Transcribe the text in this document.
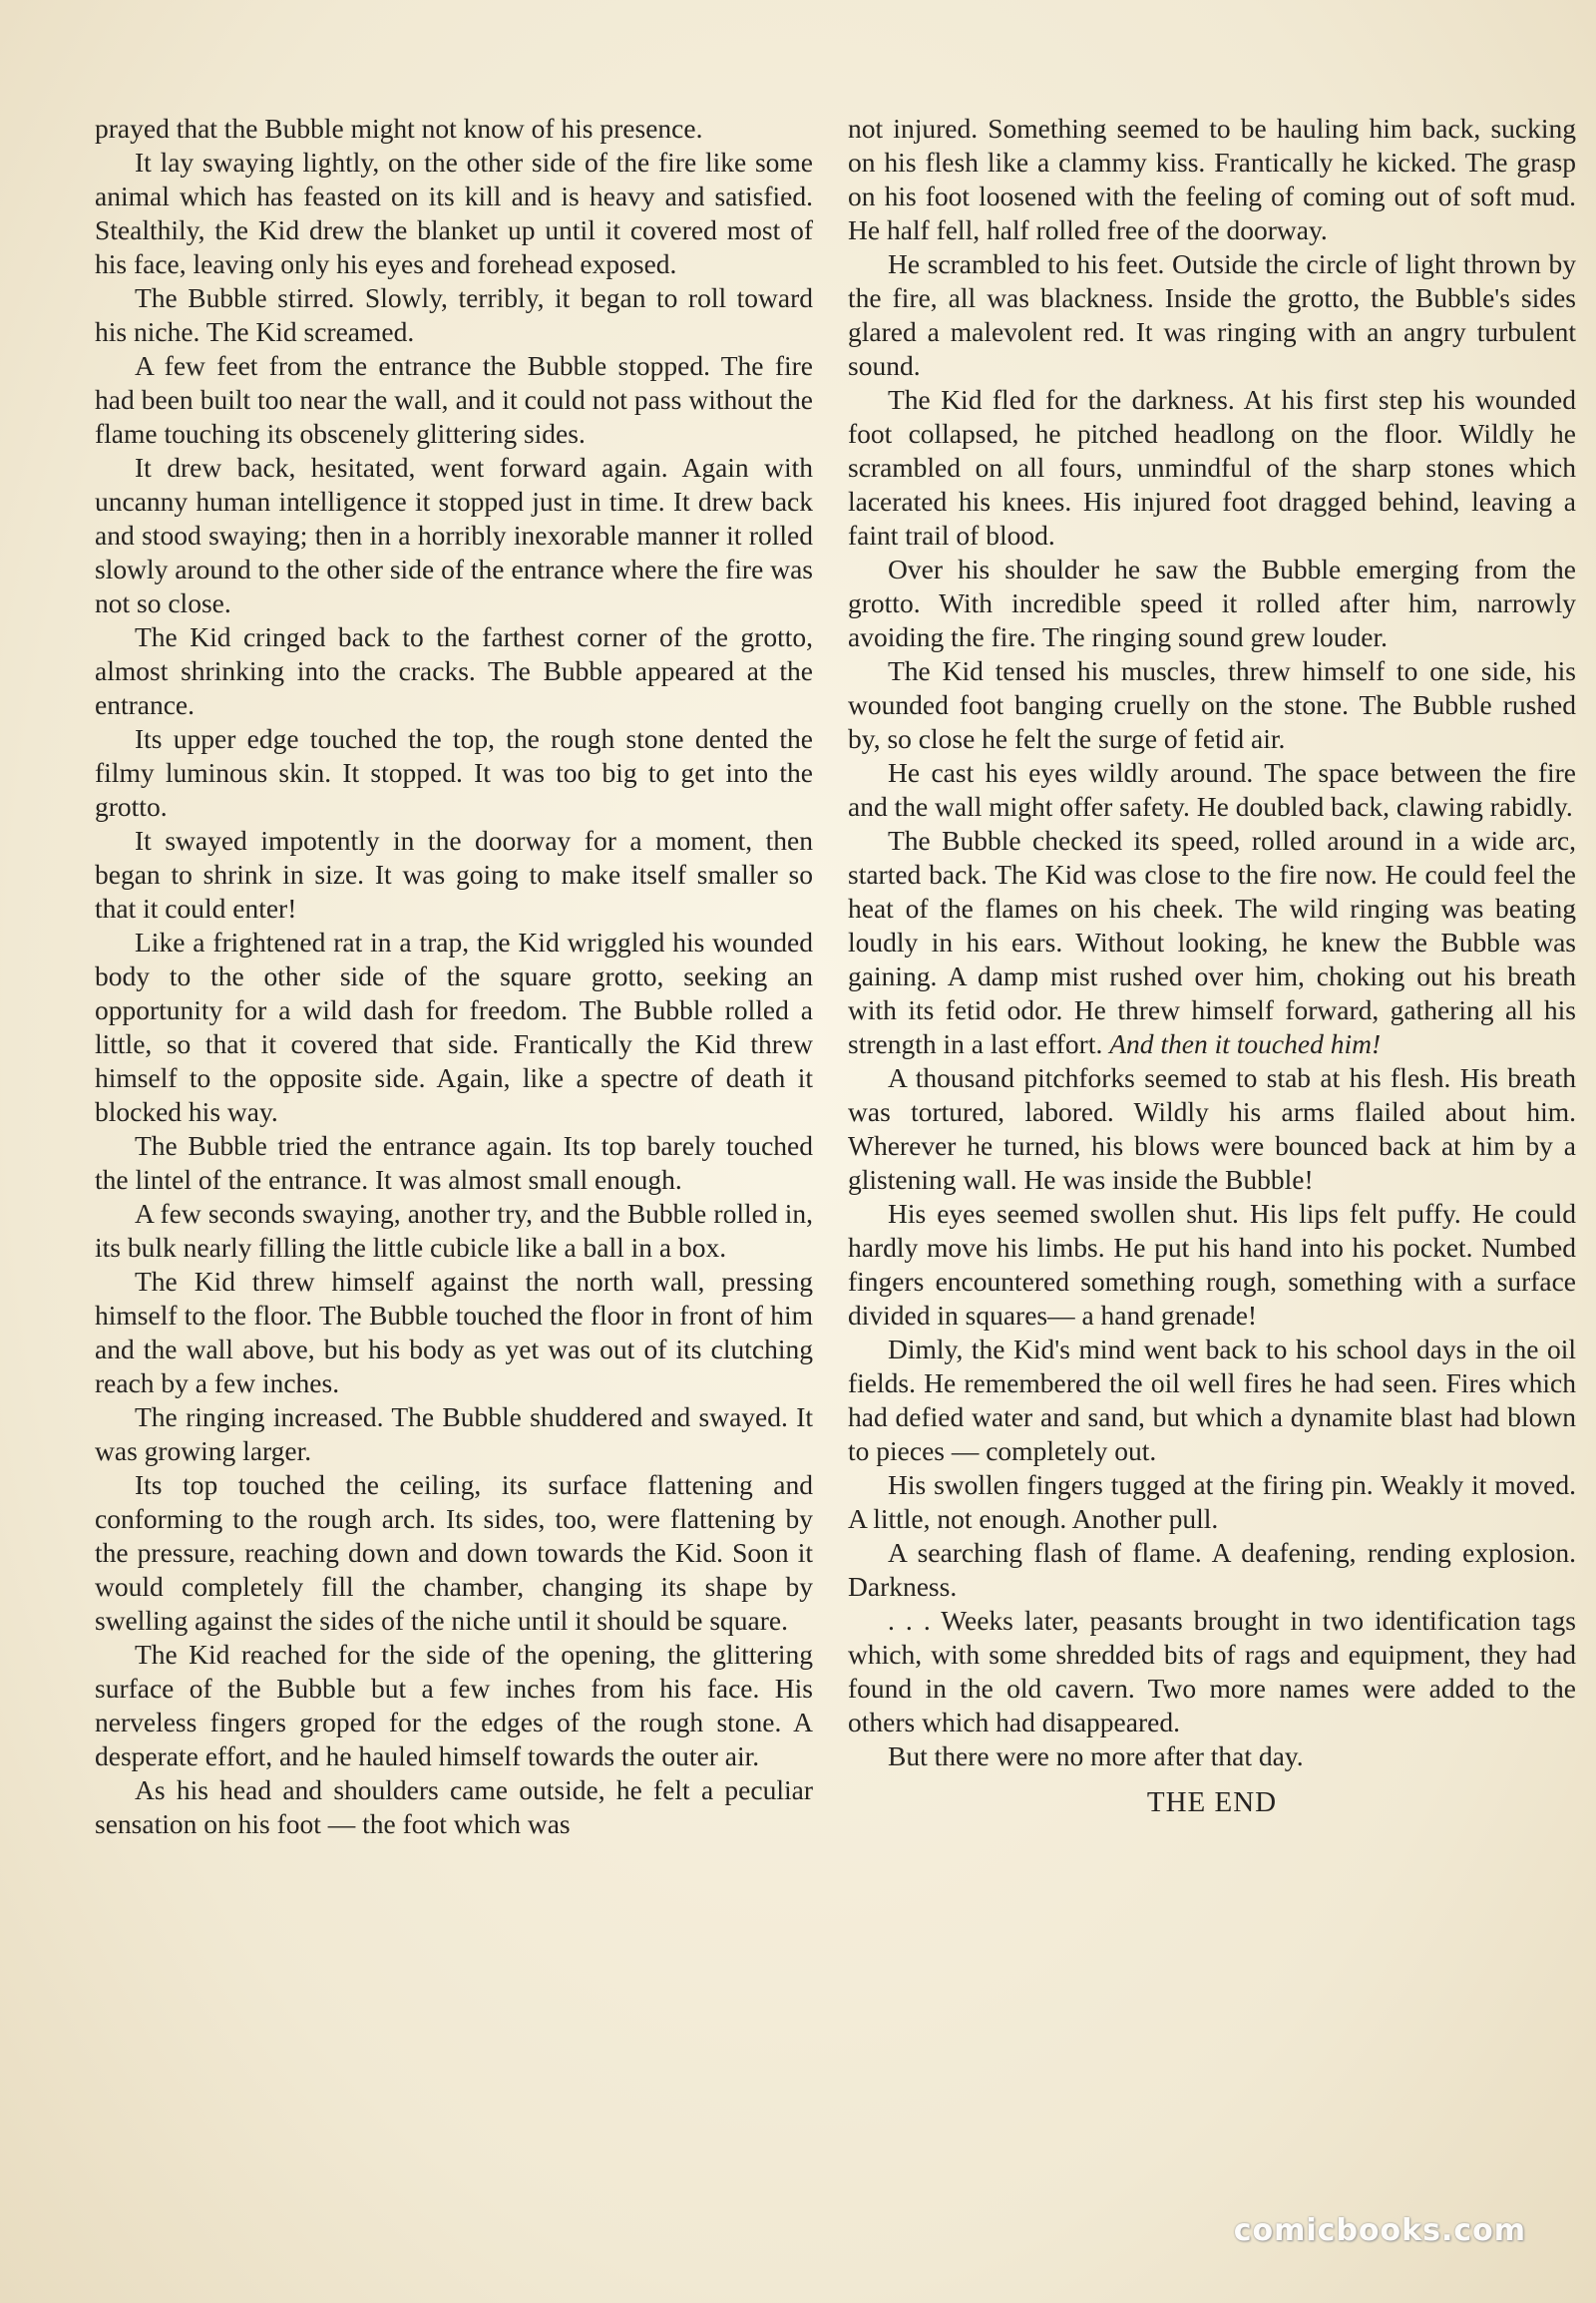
prayed that the Bubble might not know of his presence.

It lay swaying lightly, on the other side of the fire like some animal which has feasted on its kill and is heavy and satisfied. Stealthily, the Kid drew the blanket up until it covered most of his face, leaving only his eyes and forehead exposed.

The Bubble stirred. Slowly, terribly, it began to roll toward his niche. The Kid screamed.

A few feet from the entrance the Bubble stopped. The fire had been built too near the wall, and it could not pass without the flame touching its obscenely glittering sides.

It drew back, hesitated, went forward again. Again with uncanny human intelligence it stopped just in time. It drew back and stood swaying; then in a horribly inexorable manner it rolled slowly around to the other side of the entrance where the fire was not so close.

The Kid cringed back to the farthest corner of the grotto, almost shrinking into the cracks. The Bubble appeared at the entrance.

Its upper edge touched the top, the rough stone dented the filmy luminous skin. It stopped. It was too big to get into the grotto.

It swayed impotently in the doorway for a moment, then began to shrink in size. It was going to make itself smaller so that it could enter!

Like a frightened rat in a trap, the Kid wriggled his wounded body to the other side of the square grotto, seeking an opportunity for a wild dash for freedom. The Bubble rolled a little, so that it covered that side. Frantically the Kid threw himself to the opposite side. Again, like a spectre of death it blocked his way.

The Bubble tried the entrance again. Its top barely touched the lintel of the entrance. It was almost small enough.

A few seconds swaying, another try, and the Bubble rolled in, its bulk nearly filling the little cubicle like a ball in a box.

The Kid threw himself against the north wall, pressing himself to the floor. The Bubble touched the floor in front of him and the wall above, but his body as yet was out of its clutching reach by a few inches.

The ringing increased. The Bubble shuddered and swayed. It was growing larger.

Its top touched the ceiling, its surface flattening and conforming to the rough arch. Its sides, too, were flattening by the pressure, reaching down and down towards the Kid. Soon it would completely fill the chamber, changing its shape by swelling against the sides of the niche until it should be square.

The Kid reached for the side of the opening, the glittering surface of the Bubble but a few inches from his face. His nerveless fingers groped for the edges of the rough stone. A desperate effort, and he hauled himself towards the outer air.

As his head and shoulders came outside, he felt a peculiar sensation on his foot — the foot which was

not injured. Something seemed to be hauling him back, sucking on his flesh like a clammy kiss. Frantically he kicked. The grasp on his foot loosened with the feeling of coming out of soft mud. He half fell, half rolled free of the doorway.

He scrambled to his feet. Outside the circle of light thrown by the fire, all was blackness. Inside the grotto, the Bubble's sides glared a malevolent red. It was ringing with an angry turbulent sound.

The Kid fled for the darkness. At his first step his wounded foot collapsed, he pitched headlong on the floor. Wildly he scrambled on all fours, unmindful of the sharp stones which lacerated his knees. His injured foot dragged behind, leaving a faint trail of blood.

Over his shoulder he saw the Bubble emerging from the grotto. With incredible speed it rolled after him, narrowly avoiding the fire. The ringing sound grew louder.

The Kid tensed his muscles, threw himself to one side, his wounded foot banging cruelly on the stone. The Bubble rushed by, so close he felt the surge of fetid air.

He cast his eyes wildly around. The space between the fire and the wall might offer safety. He doubled back, clawing rabidly.

The Bubble checked its speed, rolled around in a wide arc, started back. The Kid was close to the fire now. He could feel the heat of the flames on his cheek. The wild ringing was beating loudly in his ears. Without looking, he knew the Bubble was gaining. A damp mist rushed over him, choking out his breath with its fetid odor. He threw himself forward, gathering all his strength in a last effort. And then it touched him!

A thousand pitchforks seemed to stab at his flesh. His breath was tortured, labored. Wildly his arms flailed about him. Wherever he turned, his blows were bounced back at him by a glistening wall. He was inside the Bubble!

His eyes seemed swollen shut. His lips felt puffy. He could hardly move his limbs. He put his hand into his pocket. Numbed fingers encountered something rough, something with a surface divided in squares— a hand grenade!

Dimly, the Kid's mind went back to his school days in the oil fields. He remembered the oil well fires he had seen. Fires which had defied water and sand, but which a dynamite blast had blown to pieces — completely out.

His swollen fingers tugged at the firing pin. Weakly it moved. A little, not enough. Another pull.

A searching flash of flame. A deafening, rending explosion. Darkness.

. . . Weeks later, peasants brought in two identification tags which, with some shredded bits of rags and equipment, they had found in the old cavern. Two more names were added to the others which had disappeared.

But there were no more after that day.

THE END

comicbooks.com
